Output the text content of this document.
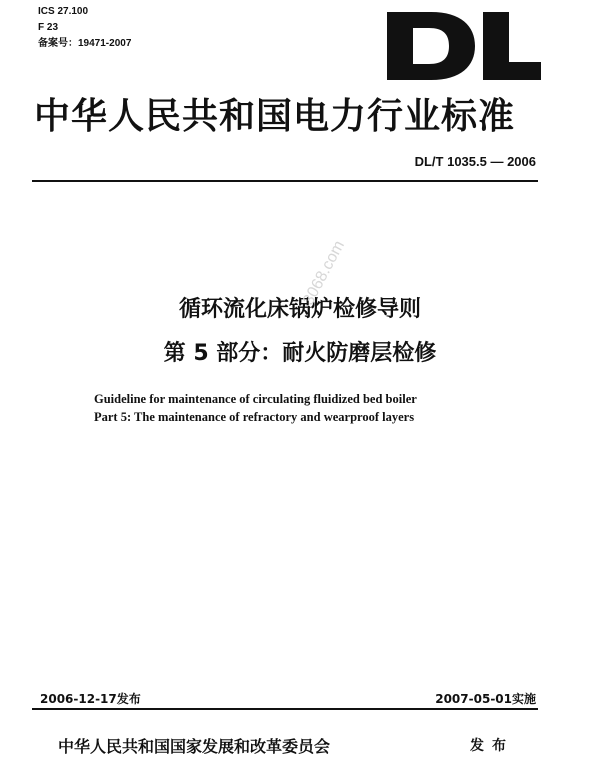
ICS 27.100
F 23
备案号：19471-2007
中华人民共和国电力行业标准
DL/T 1035.5 — 2006
循环流化床锅炉检修导则
第 5 部分：耐火防磨层检修
Guideline for maintenance of circulating fluidized bed boiler
Part 5: The maintenance of refractory and wearproof layers
3068.com
2006-12-17发布	2007-05-01实施
中华人民共和国国家发展和改革委员会	发布
